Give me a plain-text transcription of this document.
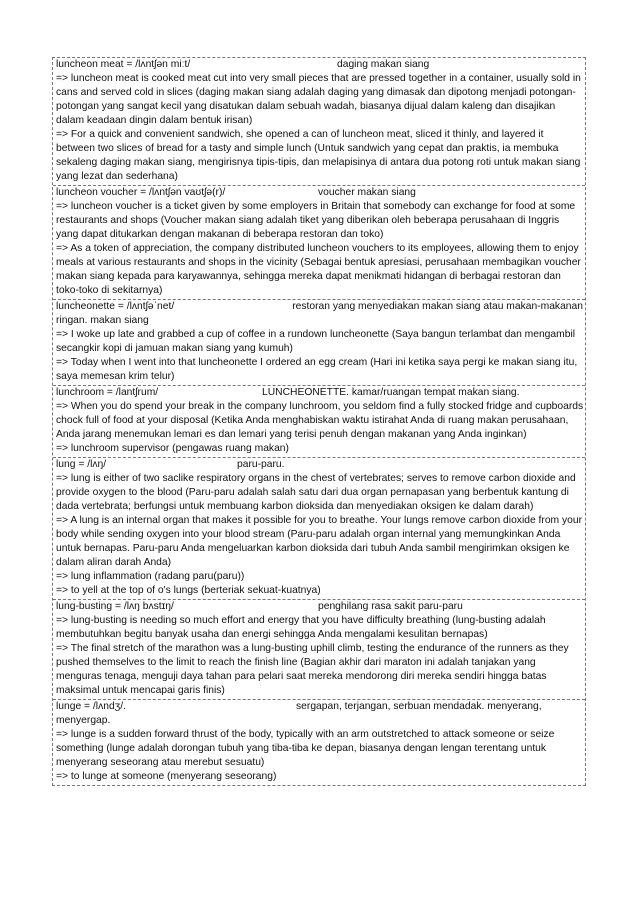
luncheon meat = /lʌntʃən miːt/	daging makan siang

=> luncheon meat is cooked meat cut into very small pieces that are pressed together in a container, usually sold in cans and served cold in slices (daging makan siang adalah daging yang dimasak dan dipotong menjadi potongan-potongan yang sangat kecil yang disatukan dalam sebuah wadah, biasanya dijual dalam kaleng dan disajikan dalam keadaan dingin dalam bentuk irisan)

=> For a quick and convenient sandwich, she opened a can of luncheon meat, sliced it thinly, and layered it between two slices of bread for a tasty and simple lunch (Untuk sandwich yang cepat dan praktis, ia membuka sekaleng daging makan siang, mengirisnya tipis-tipis, dan melapisinya di antara dua potong roti untuk makan siang yang lezat dan sederhana)

luncheon voucher = /lʌntʃən vaʊtʃə(r)/	voucher makan siang

=> luncheon voucher is a ticket given by some employers in Britain that somebody can exchange for food at some restaurants and shops (Voucher makan siang adalah tiket yang diberikan oleh beberapa perusahaan di Inggris yang dapat ditukarkan dengan makanan di beberapa restoran dan toko)

=> As a token of appreciation, the company distributed luncheon vouchers to its employees, allowing them to enjoy meals at various restaurants and shops in the vicinity (Sebagai bentuk apresiasi, perusahaan membagikan voucher makan siang kepada para karyawannya, sehingga mereka dapat menikmati hidangan di berbagai restoran dan toko-toko di sekitarnya)

luncheonette = /lʌntʃəˈnet/	restoran yang menyediakan makan siang atau makan-makanan ringan. makan siang

=> I woke up late and grabbed a cup of coffee in a rundown luncheonette (Saya bangun terlambat dan mengambil secangkir kopi di jamuan makan siang yang kumuh)

=> Today when I went into that luncheonette I ordered an egg cream (Hari ini ketika saya pergi ke makan siang itu, saya memesan krim telur)

lunchroom = /lantʃrum/	LUNCHEONETTE. kamar/ruangan tempat makan siang.

=> When you do spend your break in the company lunchroom, you seldom find a fully stocked fridge and cupboards chock full of food at your disposal (Ketika Anda menghabiskan waktu istirahat Anda di ruang makan perusahaan, Anda jarang menemukan lemari es dan lemari yang terisi penuh dengan makanan yang Anda inginkan)

=> lunchroom supervisor (pengawas ruang makan)

lung = /lʌŋ/	paru-paru.

=> lung is either of two saclike respiratory organs in the chest of vertebrates; serves to remove carbon dioxide and provide oxygen to the blood (Paru-paru adalah salah satu dari dua organ pernapasan yang berbentuk kantung di dada vertebrata; berfungsi untuk membuang karbon dioksida dan menyediakan oksigen ke dalam darah)

=> A lung is an internal organ that makes it possible for you to breathe. Your lungs remove carbon dioxide from your body while sending oxygen into your blood stream (Paru-paru adalah organ internal yang memungkinkan Anda untuk bernapas. Paru-paru Anda mengeluarkan karbon dioksida dari tubuh Anda sambil mengirimkan oksigen ke dalam aliran darah Anda)

=> lung inflammation (radang paru(paru))

=> to yell at the top of o's lungs (berteriak sekuat-kuatnya)

lung-busting = /lʌŋ bʌstɪŋ/	penghilang rasa sakit paru-paru

=> lung-busting is needing so much effort and energy that you have difficulty breathing (lung-busting adalah membutuhkan begitu banyak usaha dan energi sehingga Anda mengalami kesulitan bernapas)

=> The final stretch of the marathon was a lung-busting uphill climb, testing the endurance of the runners as they pushed themselves to the limit to reach the finish line (Bagian akhir dari maraton ini adalah tanjakan yang menguras tenaga, menguji daya tahan para pelari saat mereka mendorong diri mereka sendiri hingga batas maksimal untuk mencapai garis finis)

lunge = /lʌndʒ/.	sergapan, terjangan, serbuan mendadak. menyerang, menyergap.

=> lunge is a sudden forward thrust of the body, typically with an arm outstretched to attack someone or seize something (lunge adalah dorongan tubuh yang tiba-tiba ke depan, biasanya dengan lengan terentang untuk menyerang seseorang atau merebut sesuatu)

=> to lunge at someone (menyerang seseorang)
